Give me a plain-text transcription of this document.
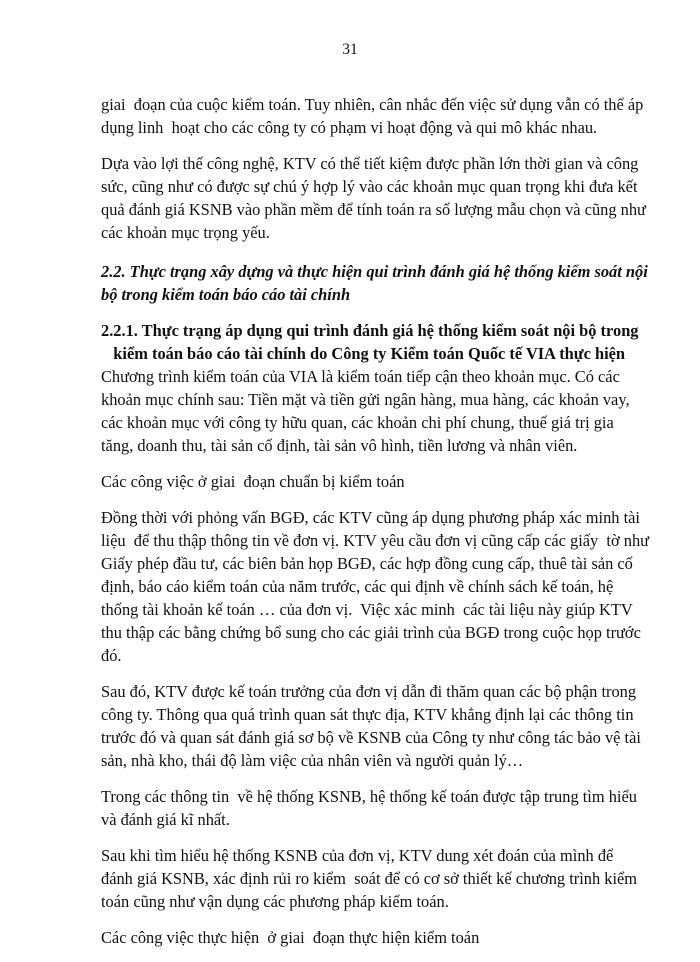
31

giai  đoạn của cuộc kiểm toán. Tuy nhiên, cân nhắc đến việc sử dụng vẫn có thể áp
dụng linh  hoạt cho các công ty có phạm vi hoạt động và qui mô khác nhau.

Dựa vào lợi thế công nghệ, KTV có thể tiết kiệm được phần lớn thời gian và công
sức, cũng như có được sự chú ý hợp lý vào các khoản mục quan trọng khi đưa kết
quả đánh giá KSNB vào phần mềm để tính toán ra số lượng mẫu chọn và cũng như
các khoản mục trọng yếu.

2.2. Thực trạng xây dựng và thực hiện qui trình đánh giá hệ thống kiểm soát nội
bộ trong kiểm toán báo cáo tài chính

2.2.1. Thực trạng áp dụng qui trình đánh giá hệ thống kiểm soát nội bộ trong
kiểm toán báo cáo tài chính do Công ty Kiểm toán Quốc tế VIA thực hiện

Chương trình kiểm toán của VIA là kiểm toán tiếp cận theo khoản mục. Có các
khoản mục chính sau: Tiền mặt và tiền gửi ngân hàng, mua hàng, các khoản vay,
các khoản mục với công ty hữu quan, các khoản chi phí chung, thuế giá trị gia
tăng, doanh thu, tài sản cố định, tài sản vô hình, tiền lương và nhân viên.

Các công việc ở giai  đoạn chuẩn bị kiểm toán

Đồng thời với phỏng vấn BGĐ, các KTV cũng áp dụng phương pháp xác minh tài
liệu  để thu thập thông tin về đơn vị. KTV yêu cầu đơn vị cũng cấp các giấy  tờ như
Giấy phép đầu tư, các biên bản họp BGĐ, các hợp đồng cung cấp, thuê tài sản cố
định, báo cáo kiểm toán của năm trước, các qui định về chính sách kế toán, hệ
thống tài khoản kế toán … của đơn vị.  Việc xác minh  các tài liệu này giúp KTV
thu thập các bằng chứng bổ sung cho các giải trình của BGĐ trong cuộc họp trước
đó.

Sau đó, KTV được kế toán trưởng của đơn vị dẫn đi thăm quan các bộ phận trong
công ty. Thông qua quá trình quan sát thực địa, KTV khẳng định lại các thông tin
trước đó và quan sát đánh giá sơ bộ về KSNB của Công ty như công tác bảo vệ tài
sản, nhà kho, thái độ làm việc của nhân viên và người quản lý…

Trong các thông tin  về hệ thống KSNB, hệ thống kế toán được tập trung tìm hiểu
và đánh giá kĩ nhất.

Sau khi tìm hiểu hệ thống KSNB của đơn vị, KTV dung xét đoán của mình để
đánh giá KSNB, xác định rủi ro kiểm  soát để có cơ sở thiết kế chương trình kiểm
toán cũng như vận dụng các phương pháp kiểm toán.

Các công việc thực hiện  ở giai  đoạn thực hiện kiểm toán
